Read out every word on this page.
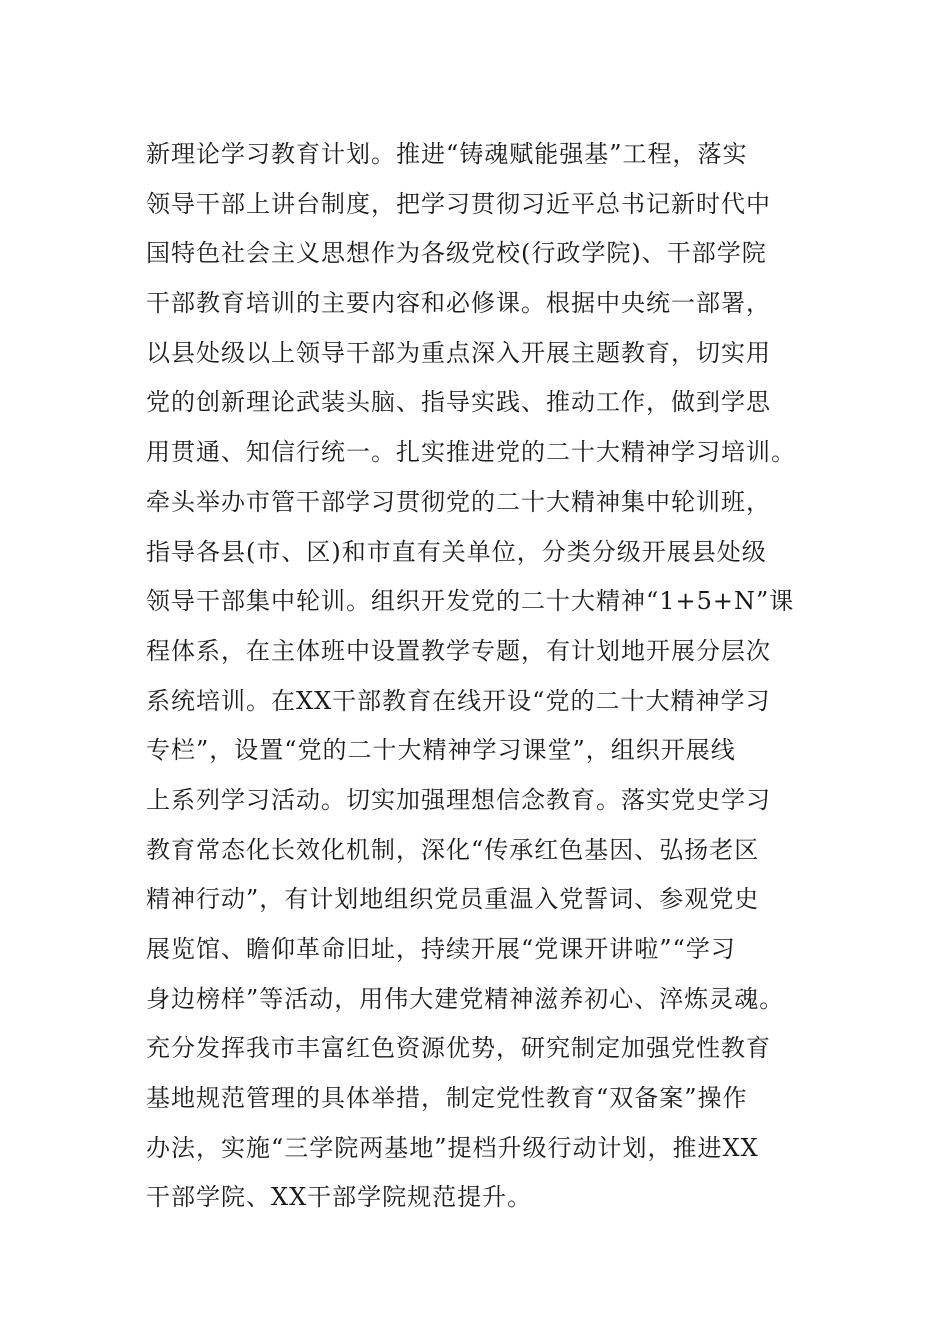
新理论学习教育计划。推进“铸魂赋能强基”工程，落实
领导干部上讲台制度，把学习贯彻习近平总书记新时代中
国特色社会主义思想作为各级党校(行政学院)、干部学院
干部教育培训的主要内容和必修课。根据中央统一部署，
以县处级以上领导干部为重点深入开展主题教育，切实用
党的创新理论武装头脑、指导实践、推动工作，做到学思
用贯通、知信行统一。扎实推进党的二十大精神学习培训。
牵头举办市管干部学习贯彻党的二十大精神集中轮训班，
指导各县(市、区)和市直有关单位，分类分级开展县处级
领导干部集中轮训。组织开发党的二十大精神“1+5+N”课
程体系，在主体班中设置教学专题，有计划地开展分层次
系统培训。在XX干部教育在线开设“党的二十大精神学习
专栏”，设置“党的二十大精神学习课堂”，组织开展线
上系列学习活动。切实加强理想信念教育。落实党史学习
教育常态化长效化机制，深化“传承红色基因、弘扬老区
精神行动”，有计划地组织党员重温入党誓词、参观党史
展览馆、瞻仰革命旧址，持续开展“党课开讲啦”“学习
身边榜样”等活动，用伟大建党精神滋养初心、淬炼灵魂。
充分发挥我市丰富红色资源优势，研究制定加强党性教育
基地规范管理的具体举措，制定党性教育“双备案”操作
办法，实施“三学院两基地”提档升级行动计划，推进XX
干部学院、XX干部学院规范提升。
